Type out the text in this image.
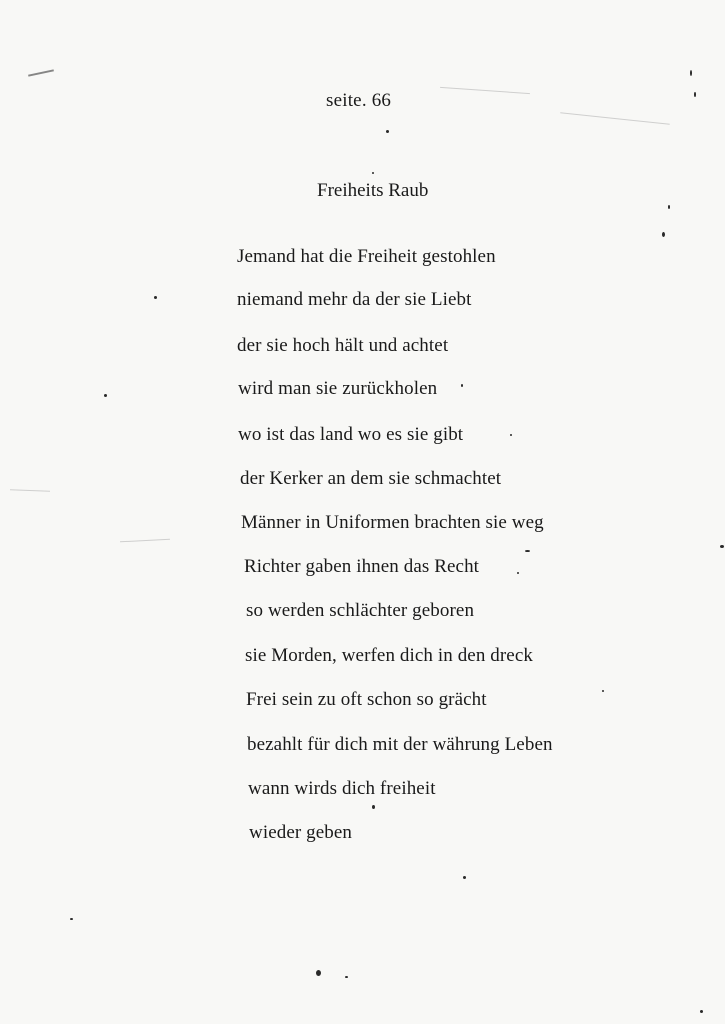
seite. 66
Freiheits Raub
Jemand hat die Freiheit gestohlen
niemand mehr da der sie Liebt
der sie hoch hält und achtet
wird man sie zurückholen
wo ist das land wo es sie gibt
der Kerker an dem sie schmachtet
Männer in Uniformen brachten sie weg
Richter gaben ihnen das Recht
so werden schlächter geboren
sie Morden, werfen dich in den dreck
Frei sein zu oft schon so grächt
bezahlt für dich mit der währung Leben
wann wirds dich freiheit
wieder geben
